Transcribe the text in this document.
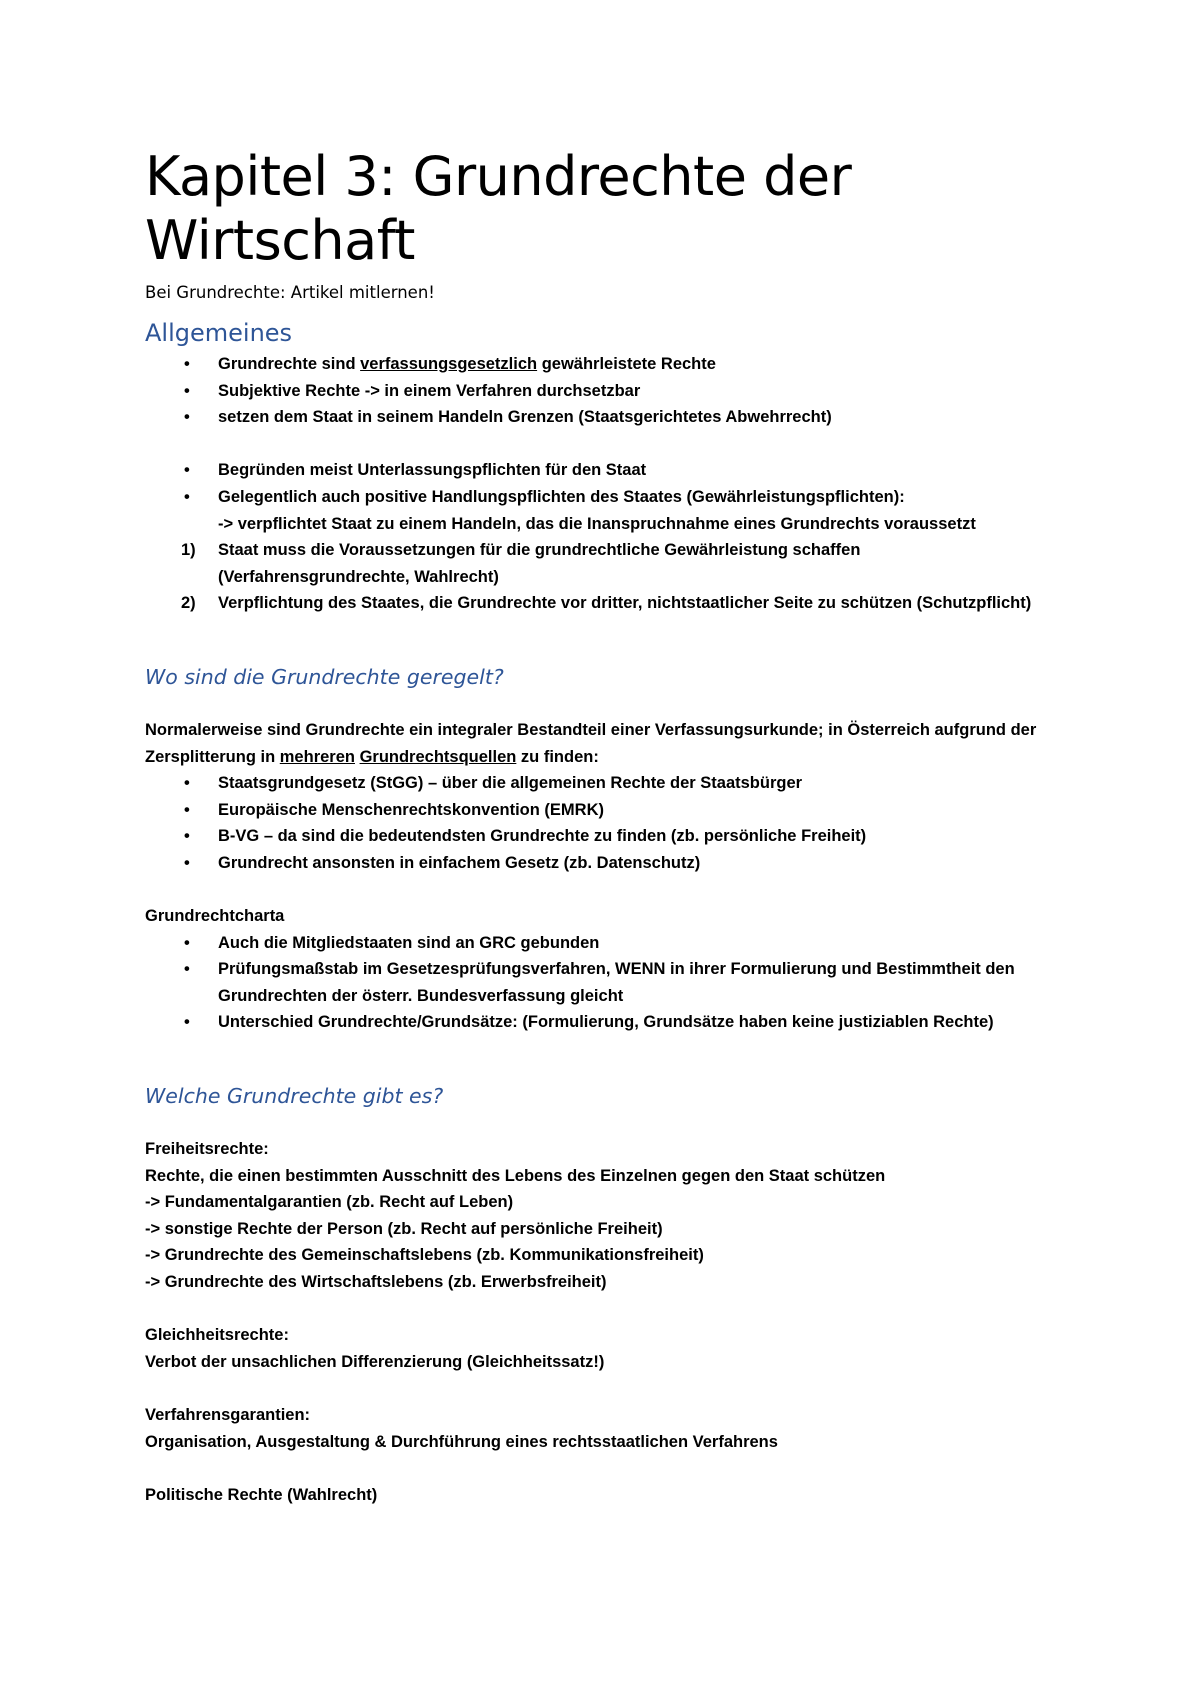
Kapitel 3: Grundrechte der Wirtschaft
Bei Grundrechte: Artikel mitlernen!
Allgemeines
• Grundrechte sind verfassungsgesetzlich gewährleistete Rechte
• Subjektive Rechte -> in einem Verfahren durchsetzbar
• setzen dem Staat in seinem Handeln Grenzen (Staatsgerichtetes Abwehrrecht)
• Begründen meist Unterlassungspflichten für den Staat
• Gelegentlich auch positive Handlungspflichten des Staates (Gewährleistungspflichten):
-> verpflichtet Staat zu einem Handeln, das die Inanspruchnahme eines Grundrechts voraussetzt
1) Staat muss die Voraussetzungen für die grundrechtliche Gewährleistung schaffen
(Verfahrensgrundrechte, Wahlrecht)
2) Verpflichtung des Staates, die Grundrechte vor dritter, nichtstaatlicher Seite zu schützen (Schutzpflicht)
Wo sind die Grundrechte geregelt?
Normalerweise sind Grundrechte ein integraler Bestandteil einer Verfassungsurkunde; in Österreich aufgrund der Zersplitterung in mehreren Grundrechtsquellen zu finden:
• Staatsgrundgesetz (StGG) – über die allgemeinen Rechte der Staatsbürger
• Europäische Menschenrechtskonvention (EMRK)
• B-VG – da sind die bedeutendsten Grundrechte zu finden (zb. persönliche Freiheit)
• Grundrecht ansonsten in einfachem Gesetz (zb. Datenschutz)
Grundrechtcharta
• Auch die Mitgliedstaaten sind an GRC gebunden
• Prüfungsmaßstab im Gesetzesprüfungsverfahren, WENN in ihrer Formulierung und Bestimmtheit den Grundrechten der österr. Bundesverfassung gleicht
• Unterschied Grundrechte/Grundsätze: (Formulierung, Grundsätze haben keine justiziablen Rechte)
Welche Grundrechte gibt es?
Freiheitsrechte:
Rechte, die einen bestimmten Ausschnitt des Lebens des Einzelnen gegen den Staat schützen
-> Fundamentalgarantien (zb. Recht auf Leben)
-> sonstige Rechte der Person (zb. Recht auf persönliche Freiheit)
-> Grundrechte des Gemeinschaftslebens (zb. Kommunikationsfreiheit)
-> Grundrechte des Wirtschaftslebens (zb. Erwerbsfreiheit)
Gleichheitsrechte:
Verbot der unsachlichen Differenzierung (Gleichheitssatz!)
Verfahrensgarantien:
Organisation, Ausgestaltung & Durchführung eines rechtsstaatlichen Verfahrens
Politische Rechte (Wahlrecht)
